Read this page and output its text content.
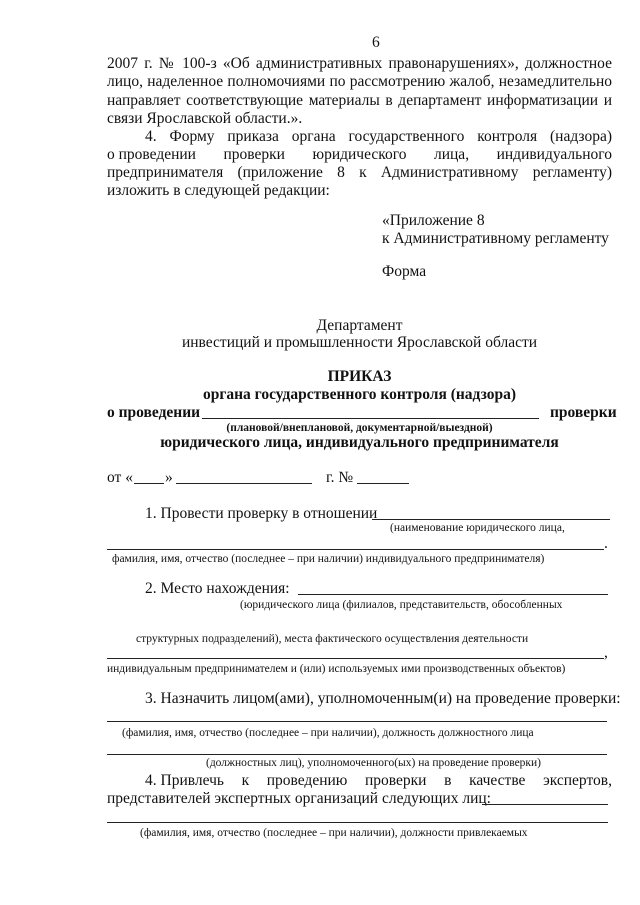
6
2007 г. № 100-з «Об административных правонарушениях», должностное
лицо, наделенное полномочиями по рассмотрению жалоб, незамедлительно
направляет соответствующие материалы в департамент информатизации и
связи Ярославской области.».
4. Форму приказа органа государственного контроля (надзора)
о проведении проверки юридического лица, индивидуального
предпринимателя (приложение 8 к Административному регламенту)
изложить в следующей редакции:
«Приложение 8
к Административному регламенту
Форма
Департамент
инвестиций и промышленности Ярославской области
ПРИКАЗ
органа государственного контроля (надзора)
о проведении	проверки
(плановой/внеплановой, документарной/выездной)
юридического лица, индивидуального предпринимателя
от « »	г. №
1. Провести проверку в отношении
(наименование юридического лица,
.
фамилия, имя, отчество (последнее – при наличии) индивидуального предпринимателя)
2. Место нахождения:
(юридического лица (филиалов, представительств, обособленных
структурных подразделений), места фактического осуществления деятельности
,
индивидуальным предпринимателем и (или) используемых ими производственных объектов)
3. Назначить лицом(ами), уполномоченным(и) на проведение проверки:
(фамилия, имя, отчество (последнее – при наличии), должность должностного лица
(должностных лиц), уполномоченного(ых) на проведение проверки)
4. Привлечь к проведению проверки в качестве экспертов,
представителей экспертных организаций следующих лиц:
(фамилия, имя, отчество (последнее – при наличии), должности привлекаемых
